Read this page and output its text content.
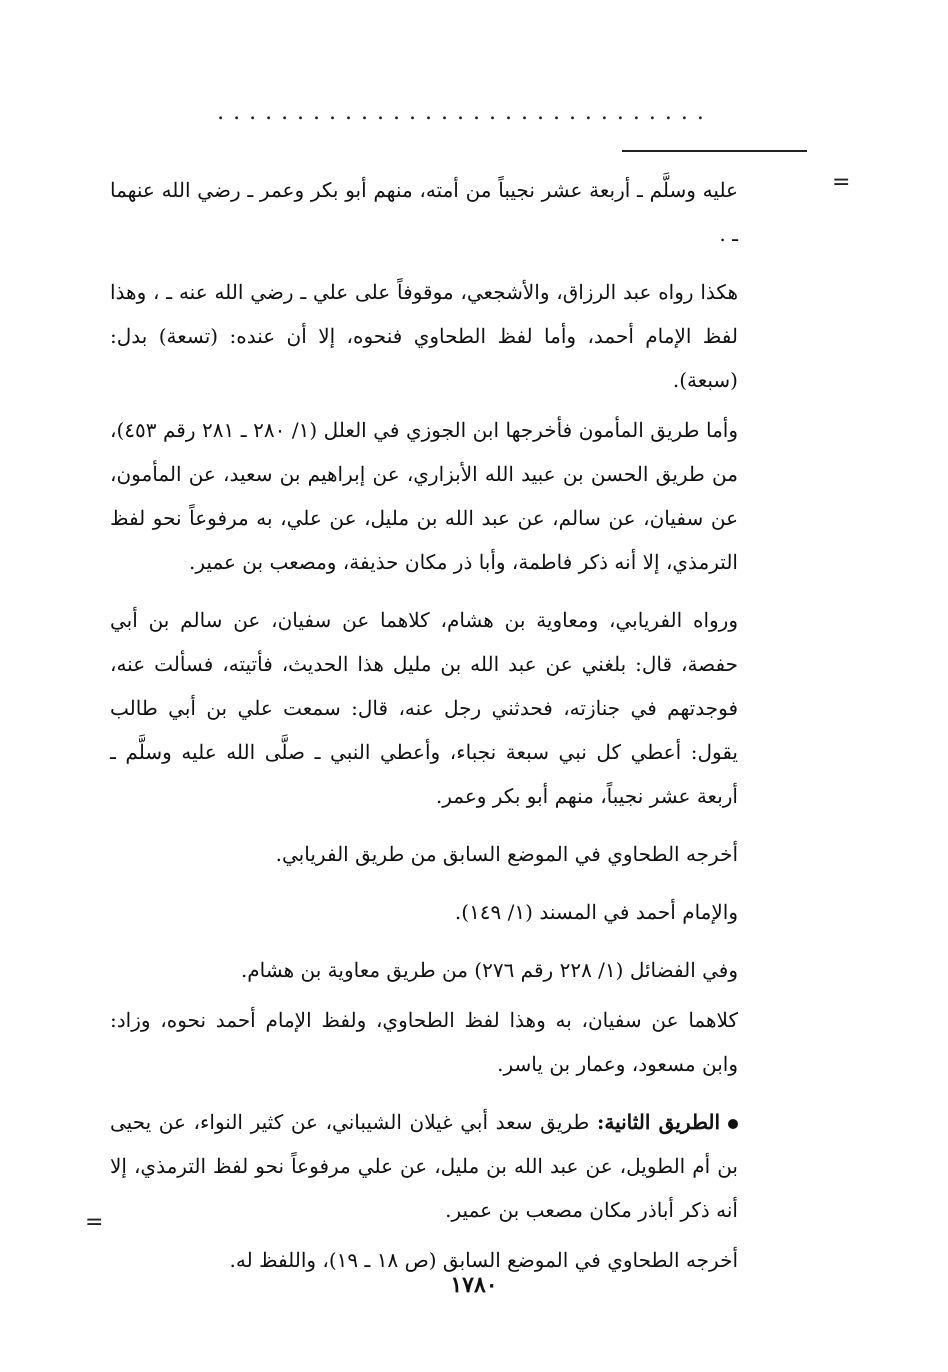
...............................
=
=

عليه وسلَّم ـ أربعة عشر نجيباً من أمته، منهم أبو بكر وعمر ـ رضي الله عنهما ـ .

هكذا رواه عبد الرزاق، والأشجعي، موقوفاً على علي ـ رضي الله عنه ـ ، وهذا لفظ الإمام أحمد، وأما لفظ الطحاوي فنحوه، إلا أن عنده: (تسعة) بدل: (سبعة).

وأما طريق المأمون فأخرجها ابن الجوزي في العلل (١/ ٢٨٠ ـ ٢٨١ رقم ٤٥٣)، من طريق الحسن بن عبيد الله الأبزاري، عن إبراهيم بن سعيد، عن المأمون، عن سفيان، عن سالم، عن عبد الله بن مليل، عن علي، به مرفوعاً نحو لفظ الترمذي، إلا أنه ذكر فاطمة، وأبا ذر مكان حذيفة، ومصعب بن عمير.

ورواه الفريابي، ومعاوية بن هشام، كلاهما عن سفيان، عن سالم بن أبي حفصة، قال: بلغني عن عبد الله بن مليل هذا الحديث، فأتيته، فسألت عنه، فوجدتهم في جنازته، فحدثني رجل عنه، قال: سمعت علي بن أبي طالب يقول: أعطي كل نبي سبعة نجباء، وأعطي النبي ـ صلَّى الله عليه وسلَّم ـ أربعة عشر نجيباً، منهم أبو بكر وعمر.

أخرجه الطحاوي في الموضع السابق من طريق الفريابي.

والإمام أحمد في المسند (١/ ١٤٩).

وفي الفضائل (١/ ٢٢٨ رقم ٢٧٦) من طريق معاوية بن هشام.

كلاهما عن سفيان، به وهذا لفظ الطحاوي، ولفظ الإمام أحمد نحوه، وزاد: وابن مسعود، وعمار بن ياسر.

الطريق الثانية: طريق سعد أبي غيلان الشيباني، عن كثير النواء، عن يحيى بن أم الطويل، عن عبد الله بن مليل، عن علي مرفوعاً نحو لفظ الترمذي، إلا أنه ذكر أباذر مكان مصعب بن عمير.

أخرجه الطحاوي في الموضع السابق (ص ١٨ ـ ١٩)، واللفظ له.

١٧٨٠
